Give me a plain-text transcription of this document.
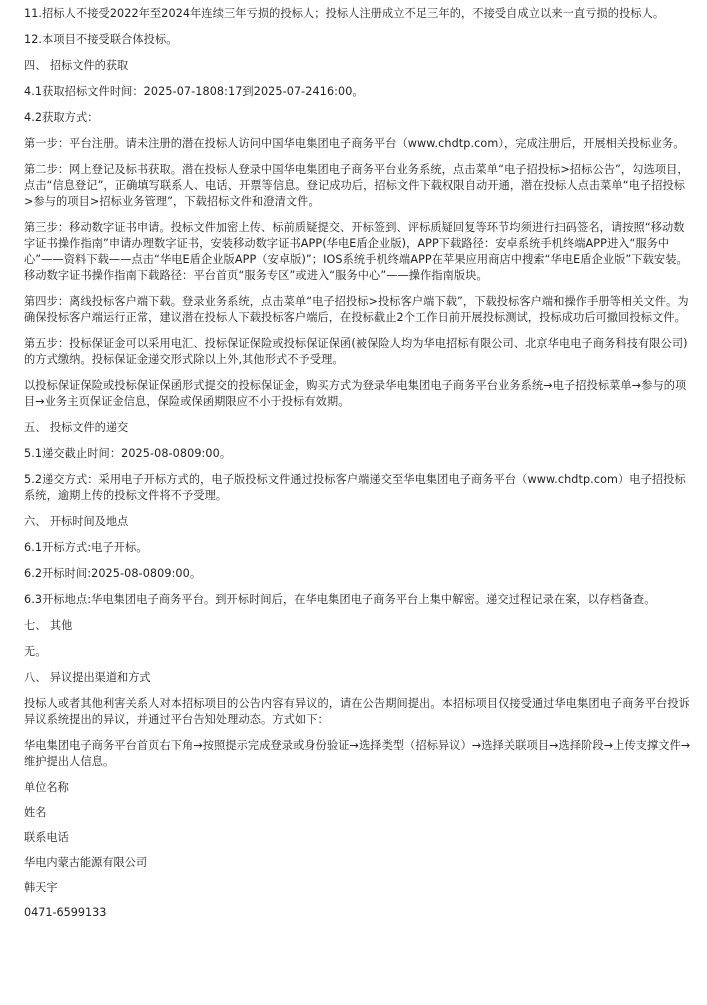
11.招标人不接受2022年至2024年连续三年亏损的投标人；投标人注册成立不足三年的，不接受自成立以来一直亏损的投标人。

12.本项目不接受联合体投标。

四、 招标文件的获取

4.1获取招标文件时间：2025-07-1808:17到2025-07-2416:00。

4.2获取方式：

第一步：平台注册。请未注册的潜在投标人访问中国华电集团电子商务平台（www.chdtp.com），完成注册后，开展相关投标业务。

第二步：网上登记及标书获取。潜在投标人登录中国华电集团电子商务平台业务系统，点击菜单“电子招投标>招标公告”，勾选项目，点击“信息登记”，正确填写联系人、电话、开票等信息。登记成功后，招标文件下载权限自动开通，潜在投标人点击菜单“电子招投标>参与的项目>招标业务管理”，下载招标文件和澄清文件。

第三步：移动数字证书申请。投标文件加密上传、标前质疑提交、开标签到、评标质疑回复等环节均须进行扫码签名，请按照“移动数字证书操作指南”申请办理数字证书，安装移动数字证书APP(华电E盾企业版)，APP下载路径：安卓系统手机终端APP进入“服务中心”——资料下载——点击“华电E盾企业版APP（安卓版)”；IOS系统手机终端APP在苹果应用商店中搜索“华电E盾企业版”下载安装。移动数字证书操作指南下载路径：平台首页“服务专区”或进入“服务中心”——操作指南版块。

第四步：离线投标客户端下载。登录业务系统，点击菜单“电子招投标>投标客户端下载”，下载投标客户端和操作手册等相关文件。为确保投标客户端运行正常，建议潜在投标人下载投标客户端后，在投标截止2个工作日前开展投标测试，投标成功后可撤回投标文件。

第五步：投标保证金可以采用电汇、投标保证保险或投标保证保函(被保险人均为华电招标有限公司、北京华电电子商务科技有限公司)的方式缴纳。投标保证金递交形式除以上外,其他形式不予受理。

以投标保证保险或投标保证保函形式提交的投标保证金，购买方式为登录华电集团电子商务平台业务系统→电子招投标菜单→参与的项目→业务主页保证金信息，保险或保函期限应不小于投标有效期。

五、 投标文件的递交

5.1递交截止时间：2025-08-0809:00。

5.2递交方式：采用电子开标方式的，电子版投标文件通过投标客户端递交至华电集团电子商务平台（www.chdtp.com）电子招投标系统，逾期上传的投标文件将不予受理。

六、 开标时间及地点

6.1开标方式:电子开标。

6.2开标时间:2025-08-0809:00。

6.3开标地点:华电集团电子商务平台。到开标时间后，在华电集团电子商务平台上集中解密。递交过程记录在案，以存档备查。

七、 其他

无。

八、 异议提出渠道和方式

投标人或者其他利害关系人对本招标项目的公告内容有异议的，请在公告期间提出。本招标项目仅接受通过华电集团电子商务平台投诉异议系统提出的异议，并通过平台告知处理动态。方式如下：

华电集团电子商务平台首页右下角→按照提示完成登录或身份验证→选择类型（招标异议）→选择关联项目→选择阶段→上传支撑文件→维护提出人信息。

单位名称

姓名

联系电话

华电内蒙古能源有限公司

韩天宇

0471-6599133
